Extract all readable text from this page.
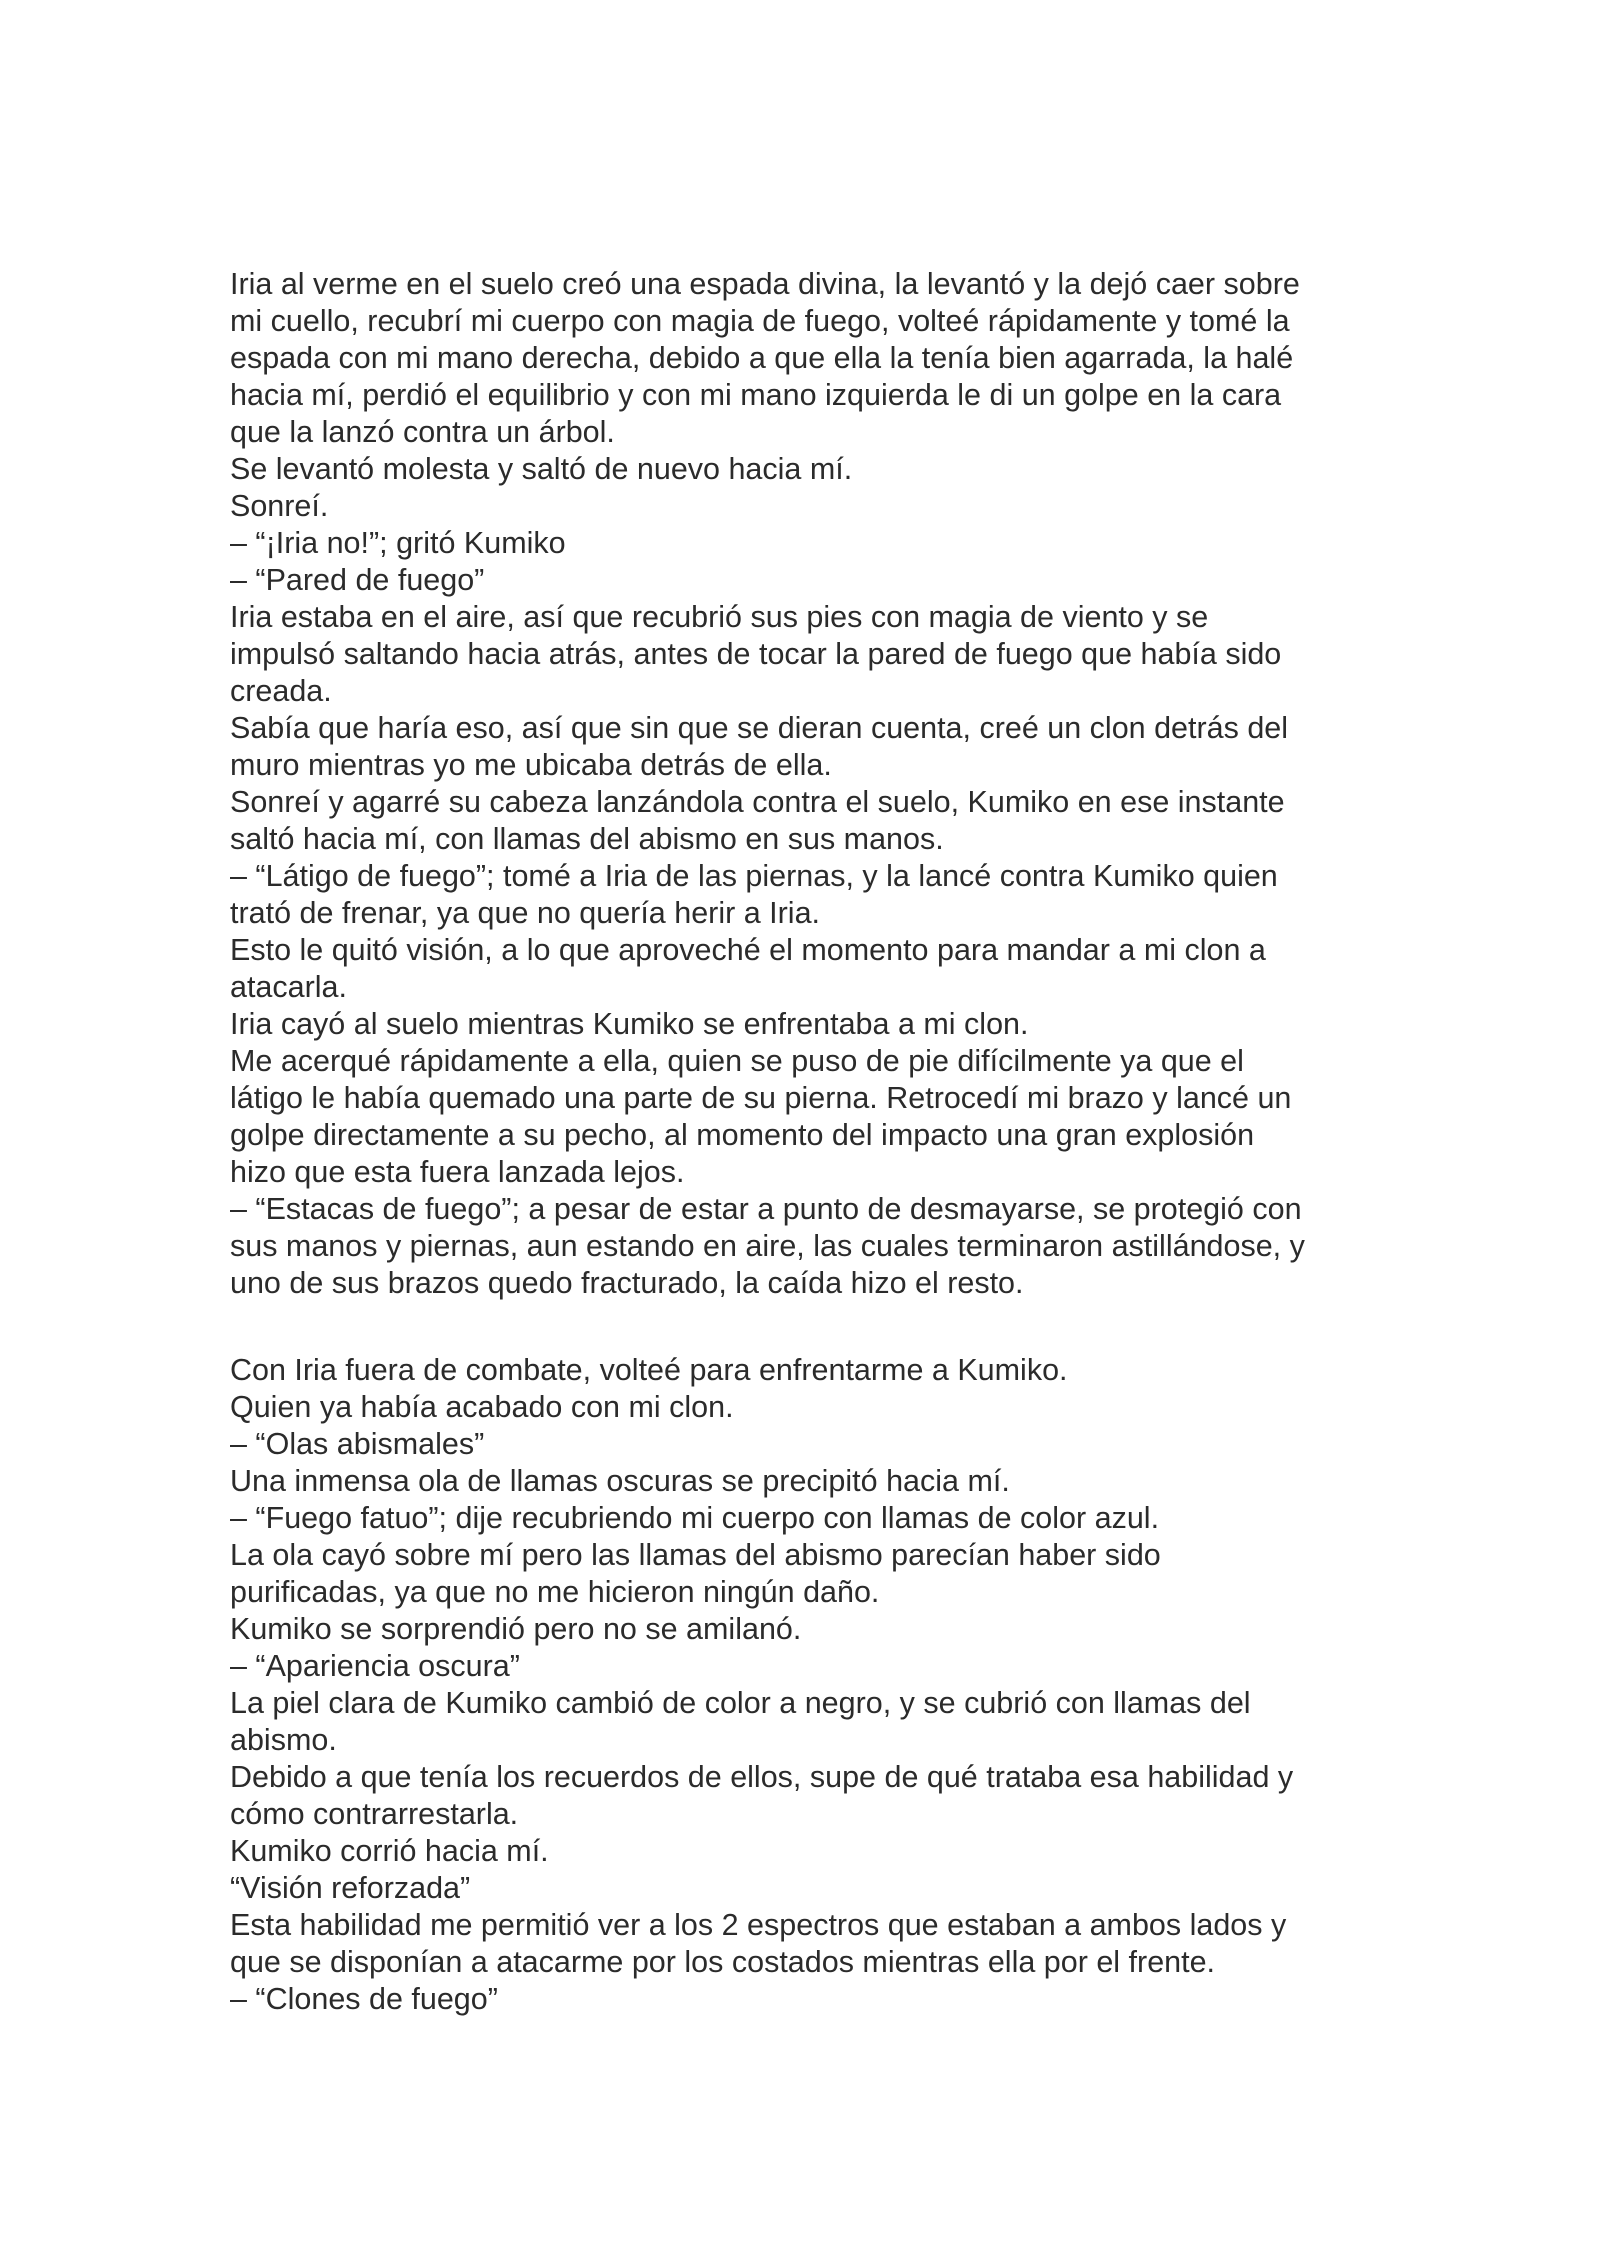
Iria al verme en el suelo creó una espada divina, la levantó y la dejó caer sobre
mi cuello, recubrí mi cuerpo con magia de fuego, volteé rápidamente y tomé la
espada con mi mano derecha, debido a que ella la tenía bien agarrada, la halé
hacia mí, perdió el equilibrio y con mi mano izquierda le di un golpe en la cara
que la lanzó contra un árbol.
Se levantó molesta y saltó de nuevo hacia mí.
Sonreí.
– “¡Iria no!”; gritó Kumiko
– “Pared de fuego”
Iria estaba en el aire, así que recubrió sus pies con magia de viento y se
impulsó saltando hacia atrás, antes de tocar la pared de fuego que había sido
creada.
Sabía que haría eso, así que sin que se dieran cuenta, creé un clon detrás del
muro mientras yo me ubicaba detrás de ella.
Sonreí y agarré su cabeza lanzándola contra el suelo, Kumiko en ese instante
saltó hacia mí, con llamas del abismo en sus manos.
– “Látigo de fuego”; tomé a Iria de las piernas, y la lancé contra Kumiko quien
trató de frenar, ya que no quería herir a Iria.
Esto le quitó visión, a lo que aproveché el momento para mandar a mi clon a
atacarla.
Iria cayó al suelo mientras Kumiko se enfrentaba a mi clon.
Me acerqué rápidamente a ella, quien se puso de pie difícilmente ya que el
látigo le había quemado una parte de su pierna. Retrocedí mi brazo y lancé un
golpe directamente a su pecho, al momento del impacto una gran explosión
hizo que esta fuera lanzada lejos.
– “Estacas de fuego”; a pesar de estar a punto de desmayarse, se protegió con
sus manos y piernas, aun estando en aire, las cuales terminaron astillándose, y
uno de sus brazos quedo fracturado, la caída hizo el resto.
Con Iria fuera de combate, volteé para enfrentarme a Kumiko.
Quien ya había acabado con mi clon.
– “Olas abismales”
Una inmensa ola de llamas oscuras se precipitó hacia mí.
– “Fuego fatuo”; dije recubriendo mi cuerpo con llamas de color azul.
La ola cayó sobre mí pero las llamas del abismo parecían haber sido
purificadas, ya que no me hicieron ningún daño.
Kumiko se sorprendió pero no se amilanó.
– “Apariencia oscura”
La piel clara de Kumiko cambió de color a negro, y se cubrió con llamas del
abismo.
Debido a que tenía los recuerdos de ellos, supe de qué trataba esa habilidad y
cómo contrarrestarla.
Kumiko corrió hacia mí.
“Visión reforzada”
Esta habilidad me permitió ver a los 2 espectros que estaban a ambos lados y
que se disponían a atacarme por los costados mientras ella por el frente.
– “Clones de fuego”
